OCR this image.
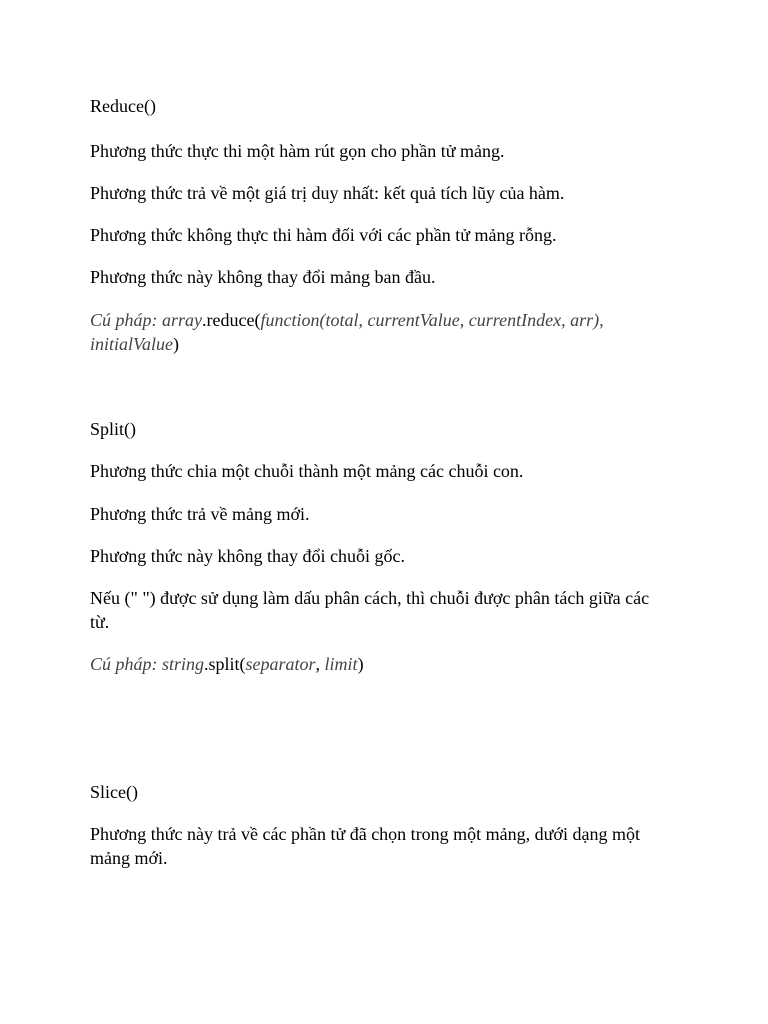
Reduce()

Phương thức thực thi một hàm rút gọn cho phần tử mảng.

Phương thức trả về một giá trị duy nhất: kết quả tích lũy của hàm.

Phương thức không thực thi hàm đối với các phần tử mảng rỗng.

Phương thức này không thay đổi mảng ban đầu.

Cú pháp: array.reduce(function(total, currentValue, currentIndex, arr), initialValue)

Split()

Phương thức chia một chuỗi thành một mảng các chuỗi con.

Phương thức trả về mảng mới.

Phương thức này không thay đổi chuỗi gốc.

Nếu (" ") được sử dụng làm dấu phân cách, thì chuỗi được phân tách giữa các từ.

Cú pháp: string.split(separator, limit)

Slice()

Phương thức này trả về các phần tử đã chọn trong một mảng, dưới dạng một mảng mới.
